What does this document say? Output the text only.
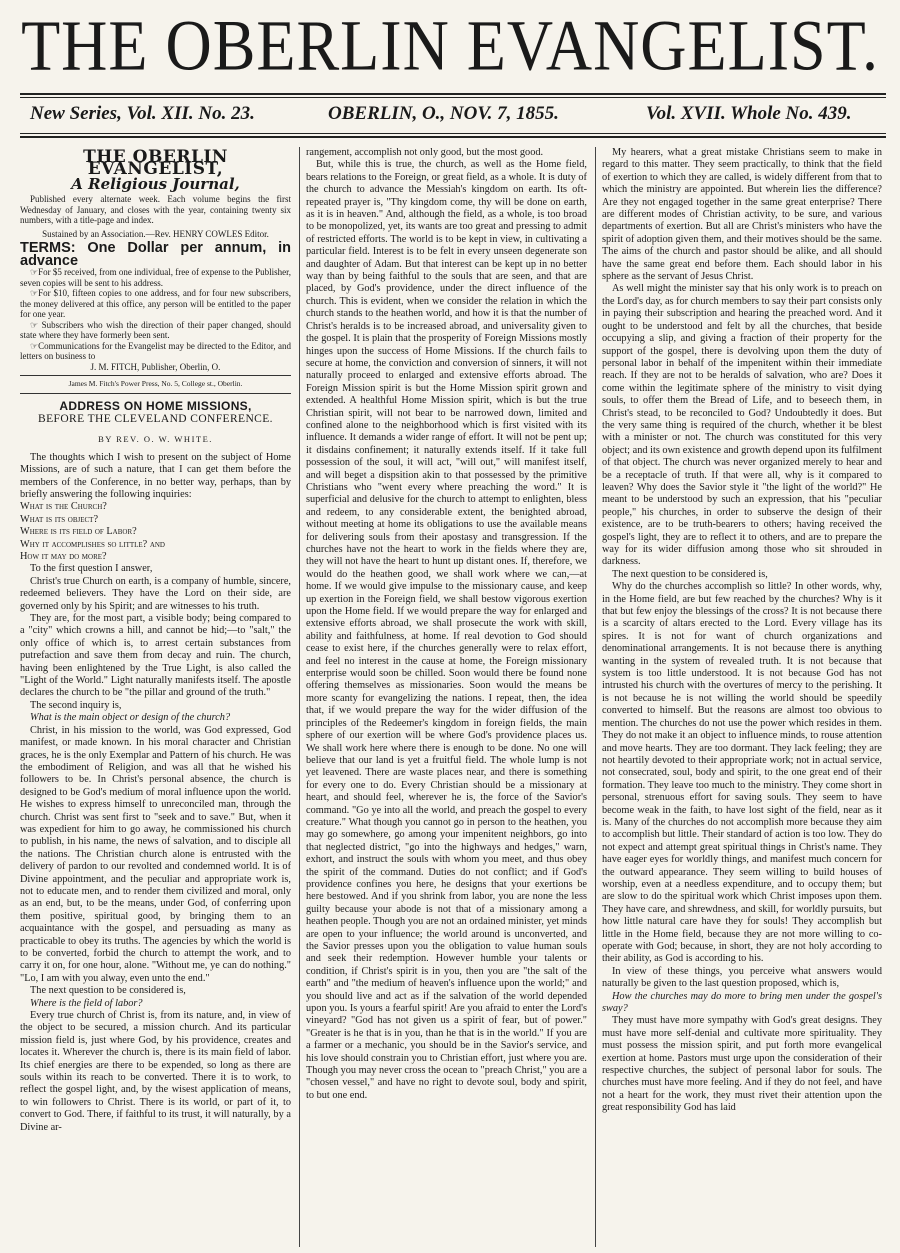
THE OBERLIN EVANGELIST.
New Series, Vol. XII. No. 23.	OBERLIN, O., NOV. 7, 1855.	Vol. XVII. Whole No. 439.
THE OBERLIN EVANGELIST,
A Religious Journal,

Published every alternate week. Each volume begins the first Wednesday of January, and closes with the year, containing twenty six numbers, with a title-page and index.

Sustained by an Association.—Rev. HENRY COWLES Editor.

TERMS: One Dollar per annum, in advance

☞For $5 received, from one individual, free of expense to the Publisher, seven copies will be sent to his address.

☞For $10, fifteen copies to one address, and for four new subscribers, the money delivered at this office, any person will be entitled to the paper for one year.

☞ Subscribers who wish the direction of their paper changed, should state where they have formerly been sent.

☞Communications for the Evangelist may be directed to the Editor, and letters on business to

J. M. FITCH, Publisher, Oberlin, O.

James M. Fitch's Power Press, No. 5, College st., Oberlin.

ADDRESS ON HOME MISSIONS,
BEFORE THE CLEVELAND CONFERENCE.
BY REV. O. W. WHITE.

The thoughts which I wish to present on the subject of Home Missions, are of such a nature, that I can get them before the members of the Conference, in no better way, perhaps, than by briefly answering the following inquiries:

What is the Church?

What is its object?

Where is its field of Labor?

Why it accomplishes so little? and

How it may do more?

To the first question I answer,

Christ's true Church on earth, is a company of humble, sincere, redeemed believers. They have the Lord on their side, are governed only by his Spirit; and are witnesses to his truth.

They are, for the most part, a visible body; being compared to a "city" which crowns a hill, and cannot be hid;—to "salt," the only office of which is, to arrest certain substances from putrefaction and save them from decay and ruin. The church, having been enlightened by the True Light, is also called the "Light of the World." Light naturally manifests itself. The apostle declares the church to be "the pillar and ground of the truth."

The second inquiry is,

What is the main object or design of the church?

Christ, in his mission to the world, was God expressed, God manifest, or made known. In his moral character and Christian graces, he is the only Exemplar and Pattern of his church. He was the embodiment of Religion, and was all that he wished his followers to be. In Christ's personal absence, the church is designed to be God's medium of moral influence upon the world. He wishes to express himself to unreconciled man, through the church. Christ was sent first to "seek and to save." But, when it was expedient for him to go away, he commissioned his church to publish, in his name, the news of salvation, and to disciple all the nations. The Christian church alone is entrusted with the delivery of pardon to our revolted and condemned world. It is of Divine appointment, and the peculiar and appropriate work is, not to educate men, and to render them civilized and moral, only as an end, but, to be the means, under God, of conferring upon them positive, spiritual good, by bringing them to an acquaintance with the gospel, and persuading as many as practicable to obey its truths. The agencies by which the world is to be converted, forbid the church to attempt the work, and to carry it on, for one hour, alone. "Without me, ye can do nothing." "Lo, I am with you alway, even unto the end."

The next question to be considered is,

Where is the field of labor?

Every true church of Christ is, from its nature, and, in view of the object to be secured, a mission church. And its particular mission field is, just where God, by his providence, creates and locates it. Wherever the church is, there is its main field of labor. Its chief energies are there to be expended, so long as there are souls within its reach to be converted. There it is to work, to reflect the gospel light, and, by the wisest application of means, to win followers to Christ. There is its world, or part of it, to convert to God. There, if faithful to its trust, it will naturally, by a Divine ar-

rangement, accomplish not only good, but the most good.

But, while this is true, the church, as well as the Home field, bears relations to the Foreign, or great field, as a whole. It is duty of the church to advance the Messiah's kingdom on earth. Its oft-repeated prayer is, "Thy kingdom come, thy will be done on earth, as it is in heaven." And, although the field, as a whole, is too broad to be monopolized, yet, its wants are too great and pressing to admit of restricted efforts. The world is to be kept in view, in cultivating a particular field. Interest is to be felt in every unseen degenerate son and daughter of Adam. But that interest can be kept up in no better way than by being faithful to the souls that are seen, and that are placed, by God's providence, under the direct influence of the church. This is evident, when we consider the relation in which the church stands to the heathen world, and how it is that the number of Christ's heralds is to be increased abroad, and universality given to the gospel. It is plain that the prosperity of Foreign Missions mostly hinges upon the success of Home Missions. If the church fails to secure at home, the conviction and conversion of sinners, it will not naturally proceed to enlarged and extensive efforts abroad. The Foreign Mission spirit is but the Home Mission spirit grown and extended. A healthful Home Mission spirit, which is but the true Christian spirit, will not bear to be narrowed down, limited and confined alone to the neighborhood which is first visited with its influence. It demands a wider range of effort. It will not be pent up; it disdains confinement; it naturally extends itself. If it take full possession of the soul, it will act, "will out," will manifest itself, and will beget a dispsition akin to that possessed by the primitive Christians who "went every where preaching the word." It is superficial and delusive for the church to attempt to enlighten, bless and redeem, to any considerable extent, the benighted abroad, without meeting at home its obligations to use the available means for delivering souls from their apostasy and transgression. If the churches have not the heart to work in the fields where they are, they will not have the heart to hunt up distant ones. If, therefore, we would do the heathen good, we shall work where we can,—at home. If we would give impulse to the missionary cause, and keep up exertion in the Foreign field, we shall bestow vigorous exertion upon the Home field. If we would prepare the way for enlarged and extensive efforts abroad, we shall prosecute the work with skill, ability and faithfulness, at home. If real devotion to God should cease to exist here, if the churches generally were to relax effort, and feel no interest in the cause at home, the Foreign missionary enterprise would soon be chilled. Soon would there be found none offering themselves as missionaries. Soon would the means be more scanty for evangelizing the nations. I repeat, then, the idea that, if we would prepare the way for the wider diffusion of the principles of the Redeemer's kingdom in foreign fields, the main sphere of our exertion will be where God's providence places us. We shall work here where there is enough to be done. No one will believe that our land is yet a fruitful field. The whole lump is not yet leavened. There are waste places near, and there is something for every one to do. Every Christian should be a missionary at heart, and should feel, wherever he is, the force of the Savior's command. "Go ye into all the world, and preach the gospel to every creature." What though you cannot go in person to the heathen, you may go somewhere, go among your impenitent neighbors, go into that neglected district, "go into the highways and hedges," warn, exhort, and instruct the souls with whom you meet, and thus obey the spirit of the command. Duties do not conflict; and if God's providence confines you here, he designs that your exertions be here bestowed. And if you shrink from labor, you are none the less guilty because your abode is not that of a missionary among a heathen people. Though you are not an ordained minister, yet minds are open to your influence; the world around is unconverted, and the Savior presses upon you the obligation to value human souls and seek their redemption. However humble your talents or condition, if Christ's spirit is in you, then you are "the salt of the earth" and "the medium of heaven's influence upon the world;" and you should live and act as if the salvation of the world depended upon you. Is yours a fearful spirit! Are you afraid to enter the Lord's vineyard? "God has not given us a spirit of fear, but of power." "Greater is he that is in you, than he that is in the world." If you are a farmer or a mechanic, you should be in the Savior's service, and his love should constrain you to Christian effort, just where you are. Though you may never cross the ocean to "preach Christ," you are a "chosen vessel," and have no right to devote soul, body and spirit, to but one end.

My hearers, what a great mistake Christians seem to make in regard to this matter. They seem practically, to think that the field of exertion to which they are called, is widely different from that to which the ministry are appointed. But wherein lies the difference? Are they not engaged together in the same great enterprise? There are different modes of Christian activity, to be sure, and various departments of exertion. But all are Christ's ministers who have the spirit of adoption given them, and their motives should be the same. The aims of the church and pastor should be alike, and all should have the same great end before them. Each should labor in his sphere as the servant of Jesus Christ.

As well might the minister say that his only work is to preach on the Lord's day, as for church members to say their part consists only in paying their subscription and hearing the preached word. And it ought to be understood and felt by all the churches, that beside occupying a slip, and giving a fraction of their property for the support of the gospel, there is devolving upon them the duty of personal labor in behalf of the impenitent within their immediate reach. If they are not to be heralds of salvation, who are? Does it come within the legitimate sphere of the ministry to visit dying souls, to offer them the Bread of Life, and to beseech them, in Christ's stead, to be reconciled to God? Undoubtedly it does. But the very same thing is required of the church, whether it be blest with a minister or not. The church was constituted for this very object; and its own existence and growth depend upon its fulfilment of that object. The church was never organized merely to hear and be a receptacle of truth. If that were all, why is it compared to leaven? Why does the Savior style it "the light of the world?" He meant to be understood by such an expression, that his "peculiar people," his churches, in order to subserve the design of their existence, are to be truth-bearers to others; having received the gospel's light, they are to reflect it to others, and are to prepare the way for its wider diffusion among those who sit shrouded in darkness.

The next question to be considered is,

Why do the churches accomplish so little? In other words, why, in the Home field, are but few reached by the churches? Why is it that but few enjoy the blessings of the cross? It is not because there is a scarcity of altars erected to the Lord. Every village has its spires. It is not for want of church organizations and denominational arrangements. It is not because there is anything wanting in the system of revealed truth. It is not because that system is too little understood. It is not because God has not intrusted his church with the overtures of mercy to the perishing. It is not because he is not willing the world should be speedily converted to himself. But the reasons are almost too obvious to mention. The churches do not use the power which resides in them. They do not make it an object to influence minds, to rouse attention and move hearts. They are too dormant. They lack feeling; they are not heartily devoted to their appropriate work; not in actual service, not consecrated, soul, body and spirit, to the one great end of their formation. They leave too much to the ministry. They come short in personal, strenuous effort for saving souls. They seem to have become weak in the faith, to have lost sight of the field, near as it is. Many of the churches do not accomplish more because they aim to accomplish but little. Their standard of action is too low. They do not expect and attempt great spiritual things in Christ's name. They have eager eyes for worldly things, and manifest much concern for the outward appearance. They seem willing to build houses of worship, even at a needless expenditure, and to occupy them; but are slow to do the spiritual work which Christ imposes upon them. They have care, and shrewdness, and skill, for worldly pursuits, but how little natural care have they for souls! They accomplish but little in the Home field, because they are not more willing to co-operate with God; because, in short, they are not holy according to their ability, as God is according to his.

In view of these things, you perceive what answers would naturally be given to the last question proposed, which is,

How the churches may do more to bring men under the gospel's sway?

They must have more sympathy with God's great designs. They must have more self-denial and cultivate more spirituality. They must possess the mission spirit, and put forth more evangelical exertion at home. Pastors must urge upon the consideration of their respective churches, the subject of personal labor for souls. The churches must have more feeling. And if they do not feel, and have not a heart for the work, they must rivet their attention upon the great responsibility God has laid
